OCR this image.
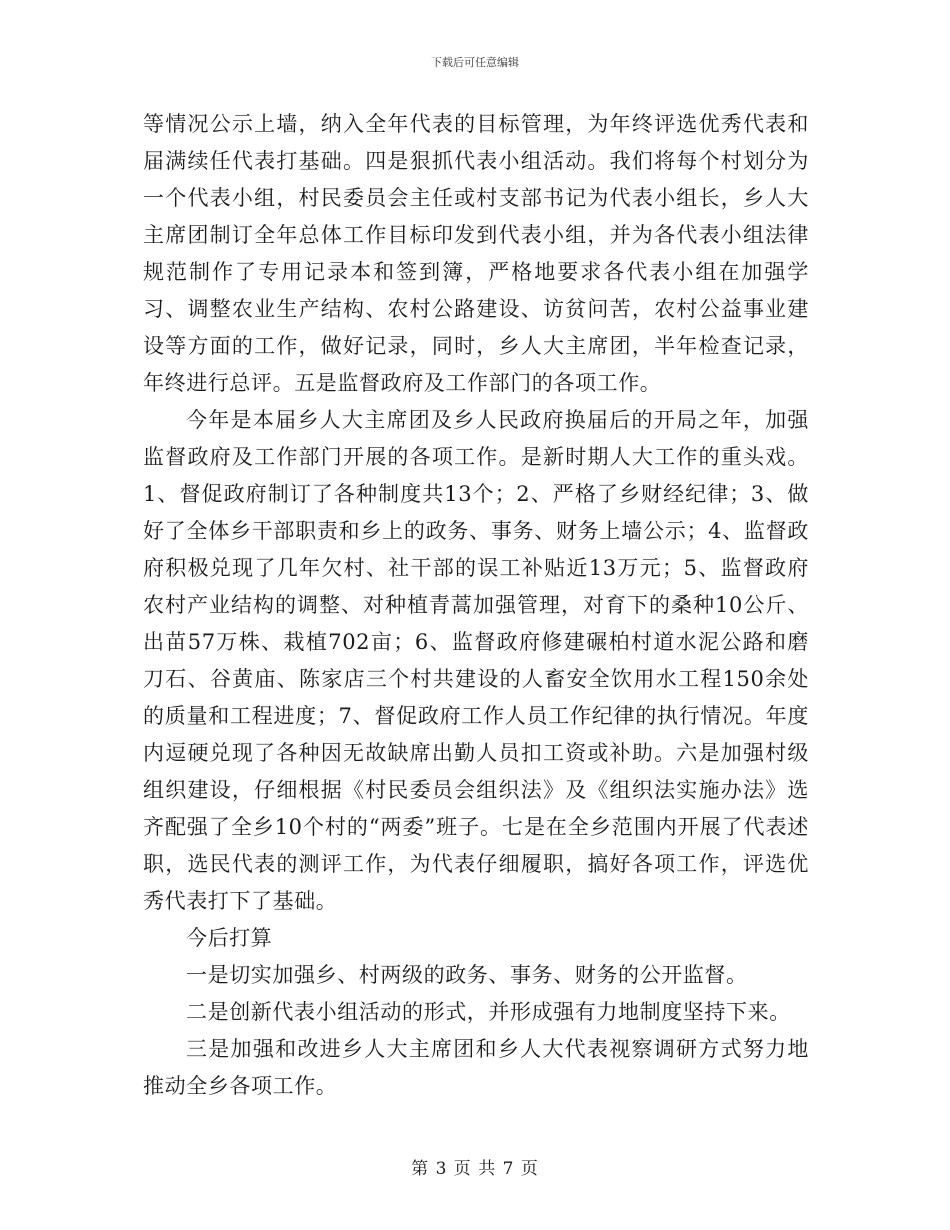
下载后可任意编辑

等情况公示上墙，纳入全年代表的目标管理，为年终评选优秀代表和届满续任代表打基础。四是狠抓代表小组活动。我们将每个村划分为一个代表小组，村民委员会主任或村支部书记为代表小组长，乡人大主席团制订全年总体工作目标印发到代表小组，并为各代表小组法律规范制作了专用记录本和签到簿，严格地要求各代表小组在加强学习、调整农业生产结构、农村公路建设、访贫问苦，农村公益事业建设等方面的工作，做好记录，同时，乡人大主席团，半年检查记录，年终进行总评。五是监督政府及工作部门的各项工作。

今年是本届乡人大主席团及乡人民政府换届后的开局之年，加强监督政府及工作部门开展的各项工作。是新时期人大工作的重头戏。1、督促政府制订了各种制度共13个；2、严格了乡财经纪律；3、做好了全体乡干部职责和乡上的政务、事务、财务上墙公示；4、监督政府积极兑现了几年欠村、社干部的误工补贴近13万元；5、监督政府农村产业结构的调整、对种植青蒿加强管理，对育下的桑种10公斤、出苗57万株、栽植702亩；6、监督政府修建碾柏村道水泥公路和磨刀石、谷黄庙、陈家店三个村共建设的人畜安全饮用水工程150余处的质量和工程进度；7、督促政府工作人员工作纪律的执行情况。年度内逗硬兑现了各种因无故缺席出勤人员扣工资或补助。六是加强村级组织建设，仔细根据《村民委员会组织法》及《组织法实施办法》选齐配强了全乡10个村的“两委”班子。七是在全乡范围内开展了代表述职，选民代表的测评工作，为代表仔细履职，搞好各项工作，评选优秀代表打下了基础。

今后打算

一是切实加强乡、村两级的政务、事务、财务的公开监督。

二是创新代表小组活动的形式，并形成强有力地制度坚持下来。

三是加强和改进乡人大主席团和乡人大代表视察调研方式努力地推动全乡各项工作。

第 3 页 共 7 页
